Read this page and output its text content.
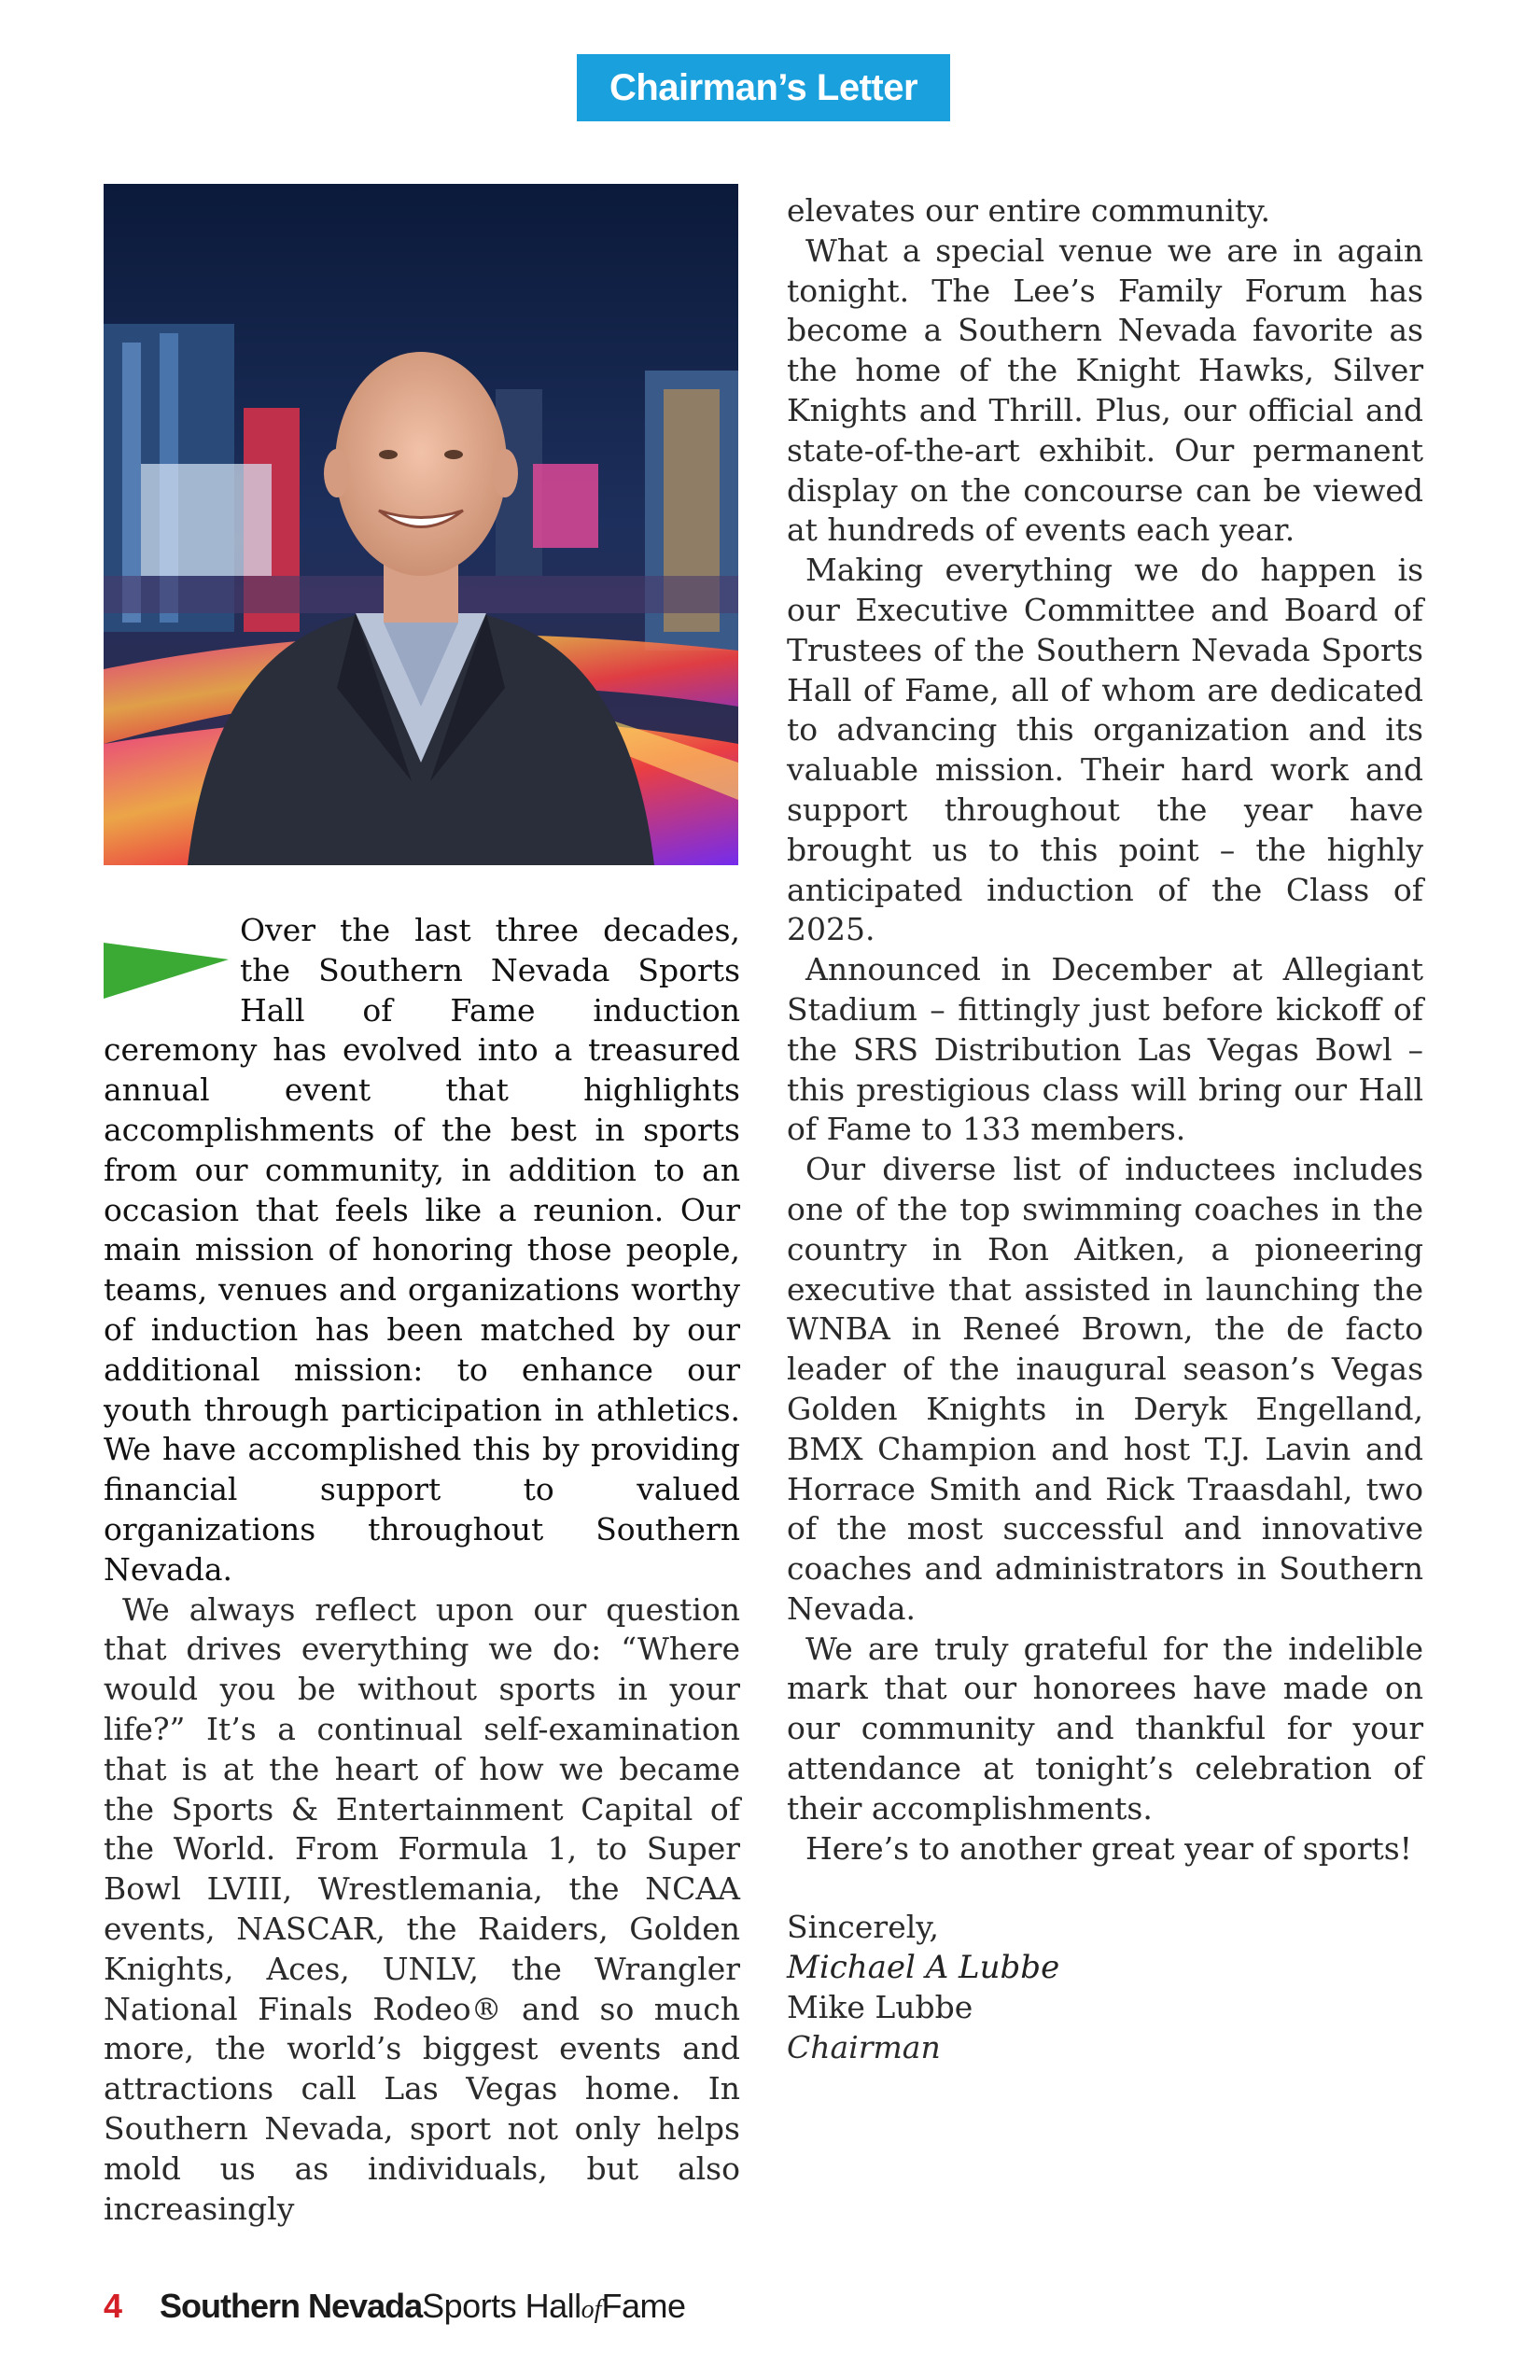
Chairman’s Letter

Over the last three decades, the Southern Nevada Sports Hall of Fame induction ceremony has evolved into a treasured annual event that highlights accomplishments of the best in sports from our community, in addition to an occasion that feels like a reunion. Our main mission of honoring those people, teams, venues and organizations worthy of induction has been matched by our additional mission: to enhance our youth through participation in athletics. We have accomplished this by providing financial support to valued organizations throughout Southern Nevada.

We always reflect upon our question that drives everything we do: “Where would you be without sports in your life?” It’s a continual self-examination that is at the heart of how we became the Sports & Entertainment Capital of the World. From Formula 1, to Super Bowl LVIII, Wrestlemania, the NCAA events, NASCAR, the Raiders, Golden Knights, Aces, UNLV, the Wrangler National Finals Rodeo® and so much more, the world’s biggest events and attractions call Las Vegas home. In Southern Nevada, sport not only helps mold us as individuals, but also increasingly

elevates our entire community.

What a special venue we are in again tonight. The Lee’s Family Forum has become a Southern Nevada favorite as the home of the Knight Hawks, Silver Knights and Thrill. Plus, our official and state-of-the-art exhibit. Our permanent display on the concourse can be viewed at hundreds of events each year.

Making everything we do happen is our Executive Committee and Board of Trustees of the Southern Nevada Sports Hall of Fame, all of whom are dedicated to advancing this organization and its valuable mission. Their hard work and support throughout the year have brought us to this point – the highly anticipated induction of the Class of 2025.

Announced in December at Allegiant Stadium – fittingly just before kickoff of the SRS Distribution Las Vegas Bowl – this prestigious class will bring our Hall of Fame to 133 members.

Our diverse list of inductees includes one of the top swimming coaches in the country in Ron Aitken, a pioneering executive that assisted in launching the WNBA in Reneé Brown, the de facto leader of the inaugural season’s Vegas Golden Knights in Deryk Engelland, BMX Champion and host T.J. Lavin and Horrace Smith and Rick Traasdahl, two of the most successful and innovative coaches and administrators in Southern Nevada.

We are truly grateful for the indelible mark that our honorees have made on our community and thankful for your attendance at tonight’s celebration of their accomplishments.

Here’s to another great year of sports!

Sincerely,
Michael A Lubbe
Mike Lubbe
Chairman
4 Southern Nevada Sports Hall of Fame
